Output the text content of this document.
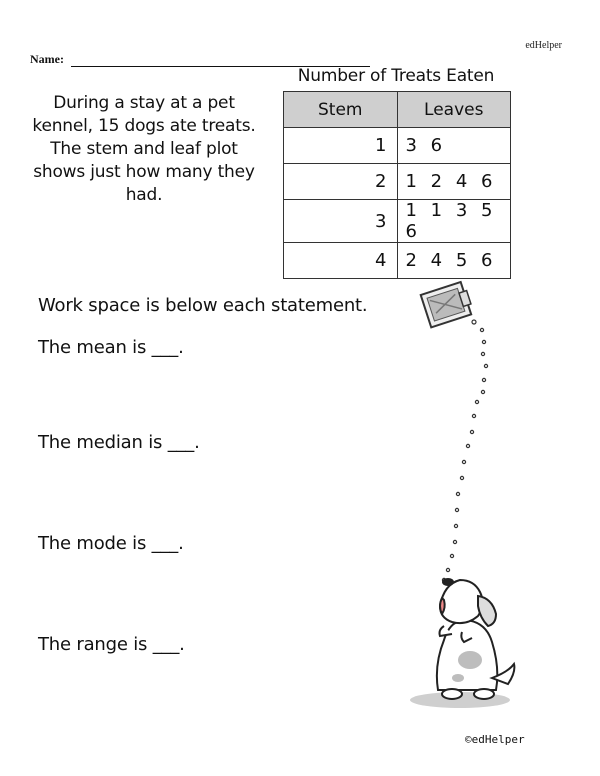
edHelper
Name:
During a stay at a pet kennel, 15 dogs ate treats. The stem and leaf plot shows just how many they had.
Number of Treats Eaten
Stem	Leaves
1	3 6
2	1 2 4 6
3	1 1 3 5 6
4	2 4 5 6
Work space is below each statement.
The mean is ___.
The median is ___.
The mode is ___.
The range is ___.
©edHelper
